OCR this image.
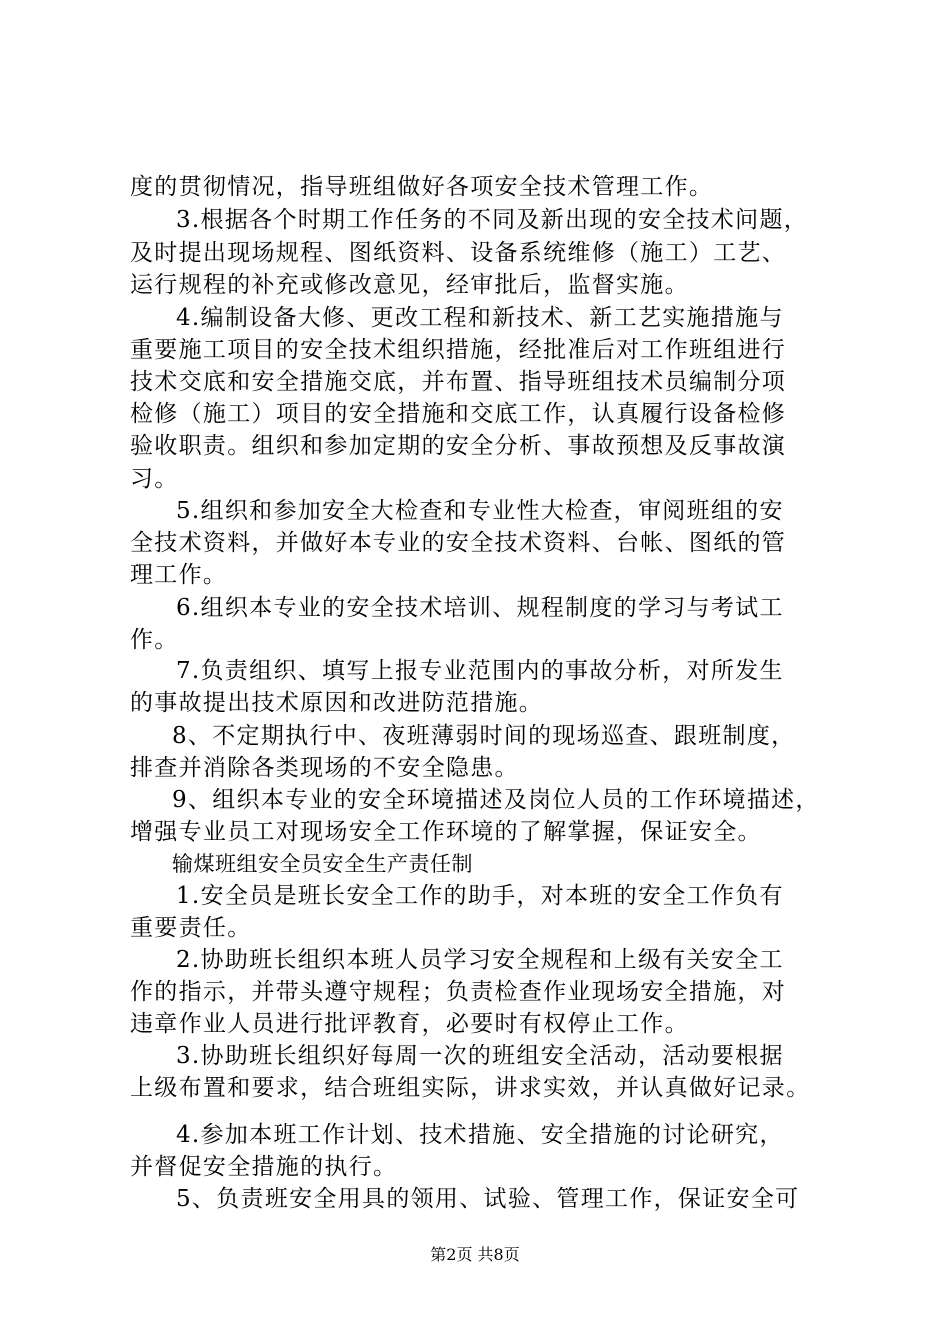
度的贯彻情况，指导班组做好各项安全技术管理工作。
3.根据各个时期工作任务的不同及新出现的安全技术问题，
及时提出现场规程、图纸资料、设备系统维修（施工）工艺、
运行规程的补充或修改意见，经审批后，监督实施。
4.编制设备大修、更改工程和新技术、新工艺实施措施与
重要施工项目的安全技术组织措施，经批准后对工作班组进行
技术交底和安全措施交底，并布置、指导班组技术员编制分项
检修（施工）项目的安全措施和交底工作，认真履行设备检修
验收职责。组织和参加定期的安全分析、事故预想及反事故演
习。
5.组织和参加安全大检查和专业性大检查，审阅班组的安
全技术资料，并做好本专业的安全技术资料、台帐、图纸的管
理工作。
6.组织本专业的安全技术培训、规程制度的学习与考试工
作。
7.负责组织、填写上报专业范围内的事故分析，对所发生
的事故提出技术原因和改进防范措施。
8、不定期执行中、夜班薄弱时间的现场巡查、跟班制度，
排查并消除各类现场的不安全隐患。
9、组织本专业的安全环境描述及岗位人员的工作环境描述，
增强专业员工对现场安全工作环境的了解掌握，保证安全。
输煤班组安全员安全生产责任制
1.安全员是班长安全工作的助手，对本班的安全工作负有
重要责任。
2.协助班长组织本班人员学习安全规程和上级有关安全工
作的指示，并带头遵守规程；负责检查作业现场安全措施，对
违章作业人员进行批评教育，必要时有权停止工作。
3.协助班长组织好每周一次的班组安全活动，活动要根据
上级布置和要求，结合班组实际，讲求实效，并认真做好记录。
4.参加本班工作计划、技术措施、安全措施的讨论研究，
并督促安全措施的执行。
5、负责班安全用具的领用、试验、管理工作，保证安全可
第2页 共8页
